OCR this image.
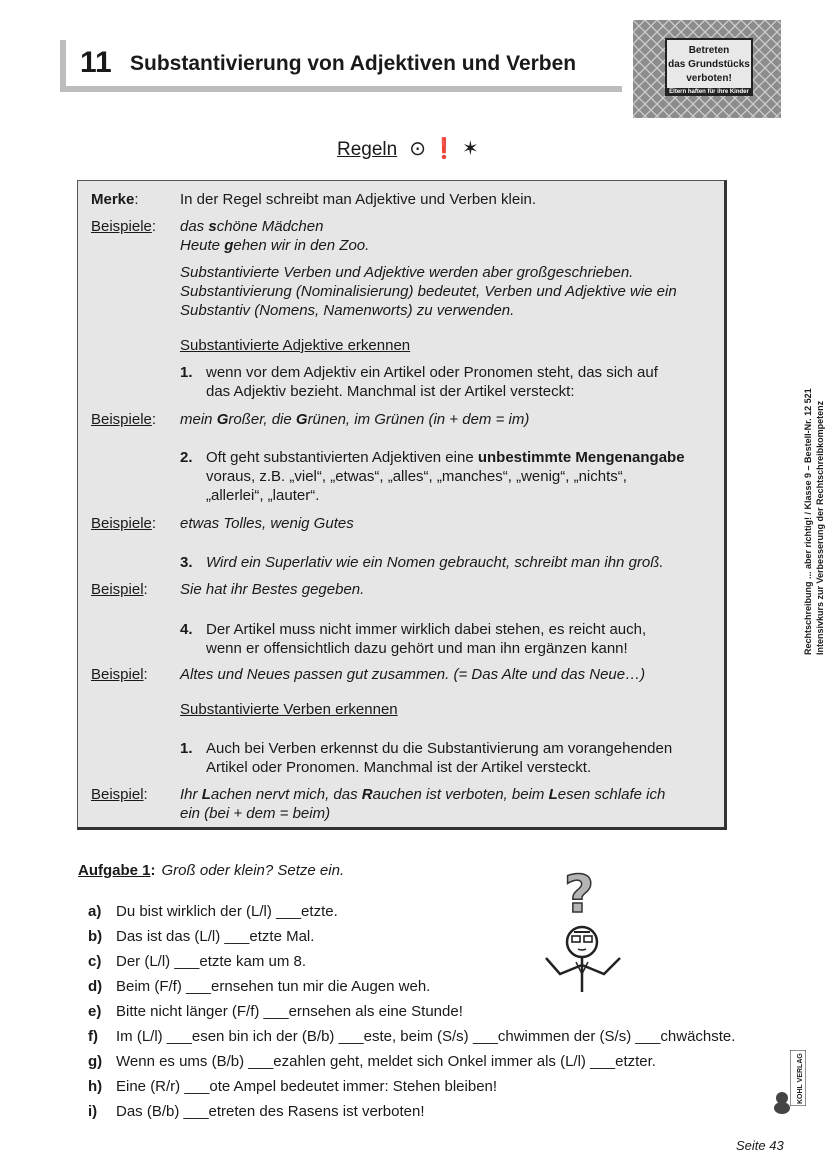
11 Substantivierung von Adjektiven und Verben
Betreten
das Grundstücks
verboten!
Eltern haften für ihre Kinder
Regeln ⊙ ❗ ✶
Merke:	In der Regel schreibt man Adjektive und Verben klein.
Beispiele: das schöne Mädchen
Heute gehen wir in den Zoo.
Substantivierte Verben und Adjektive werden aber großgeschrieben.
Substantivierung (Nominalisierung) bedeutet, Verben und Adjektive wie ein
Substantiv (Nomens, Namenworts) zu verwenden.
Substantivierte Adjektive erkennen
1. wenn vor dem Adjektiv ein Artikel oder Pronomen steht, das sich auf
das Adjektiv bezieht. Manchmal ist der Artikel versteckt:
Beispiele: mein Großer, die Grünen, im Grünen (in + dem = im)
2. Oft geht substantivierten Adjektiven eine unbestimmte Mengenangabe
voraus, z.B. „viel“, „etwas“, „alles“, „manches“, „wenig“, „nichts“,
„allerlei“, „lauter“.
Beispiele: etwas Tolles, wenig Gutes
3. Wird ein Superlativ wie ein Nomen gebraucht, schreibt man ihn groß.
Beispiel: Sie hat ihr Bestes gegeben.
4. Der Artikel muss nicht immer wirklich dabei stehen, es reicht auch,
wenn er offensichtlich dazu gehört und man ihn ergänzen kann!
Beispiel: Altes und Neues passen gut zusammen. (= Das Alte und das Neue…)
Substantivierte Verben erkennen
1. Auch bei Verben erkennst du die Substantivierung am vorangehenden
Artikel oder Pronomen. Manchmal ist der Artikel versteckt.
Beispiel: Ihr Lachen nervt mich, das Rauchen ist verboten, beim Lesen schlafe ich
ein (bei + dem = beim)
Aufgabe 1: Groß oder klein? Setze ein.	?
a) Du bist wirklich der (L/l) ___etzte.
b) Das ist das (L/l) ___etzte Mal.
c) Der (L/l) ___etzte kam um 8.
d) Beim (F/f) ___ernsehen tun mir die Augen weh.
e) Bitte nicht länger (F/f) ___ernsehen als eine Stunde!
f) Im (L/l) ___esen bin ich der (B/b) ___este, beim (S/s) ___chwimmen der (S/s) ___chwächste.
g) Wenn es ums (B/b) ___ezahlen geht, meldet sich Onkel immer als (L/l) ___etzter.
h) Eine (R/r) ___ote Ampel bedeutet immer: Stehen bleiben!
i) Das (B/b) ___etreten des Rasens ist verboten!
Rechtschreibung ... aber richtig! / Klasse 9 – Bestell-Nr. 12 521 Intensivkurs zur Verbesserung der Rechtschreibkompetenz
KOHL VERLAG
Seite 43
